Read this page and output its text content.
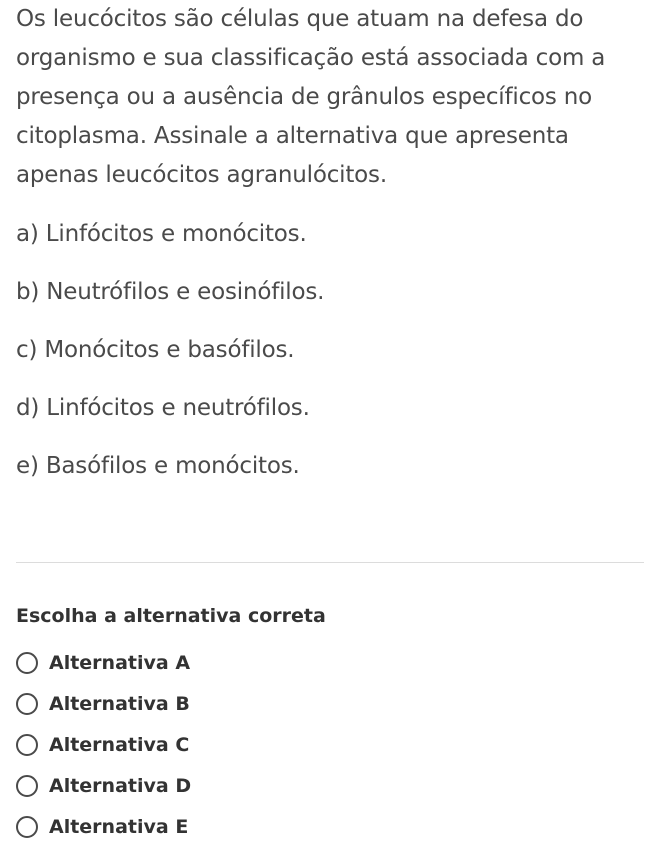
Os leucócitos são células que atuam na defesa do organismo e sua classificação está associada com a presença ou a ausência de grânulos específicos no citoplasma. Assinale a alternativa que apresenta apenas leucócitos agranulócitos.

a) Linfócitos e monócitos.

b) Neutrófilos e eosinófilos.

c) Monócitos e basófilos.

d) Linfócitos e neutrófilos.

e) Basófilos e monócitos.

Escolha a alternativa correta
Alternativa A
Alternativa B
Alternativa C
Alternativa D
Alternativa E
